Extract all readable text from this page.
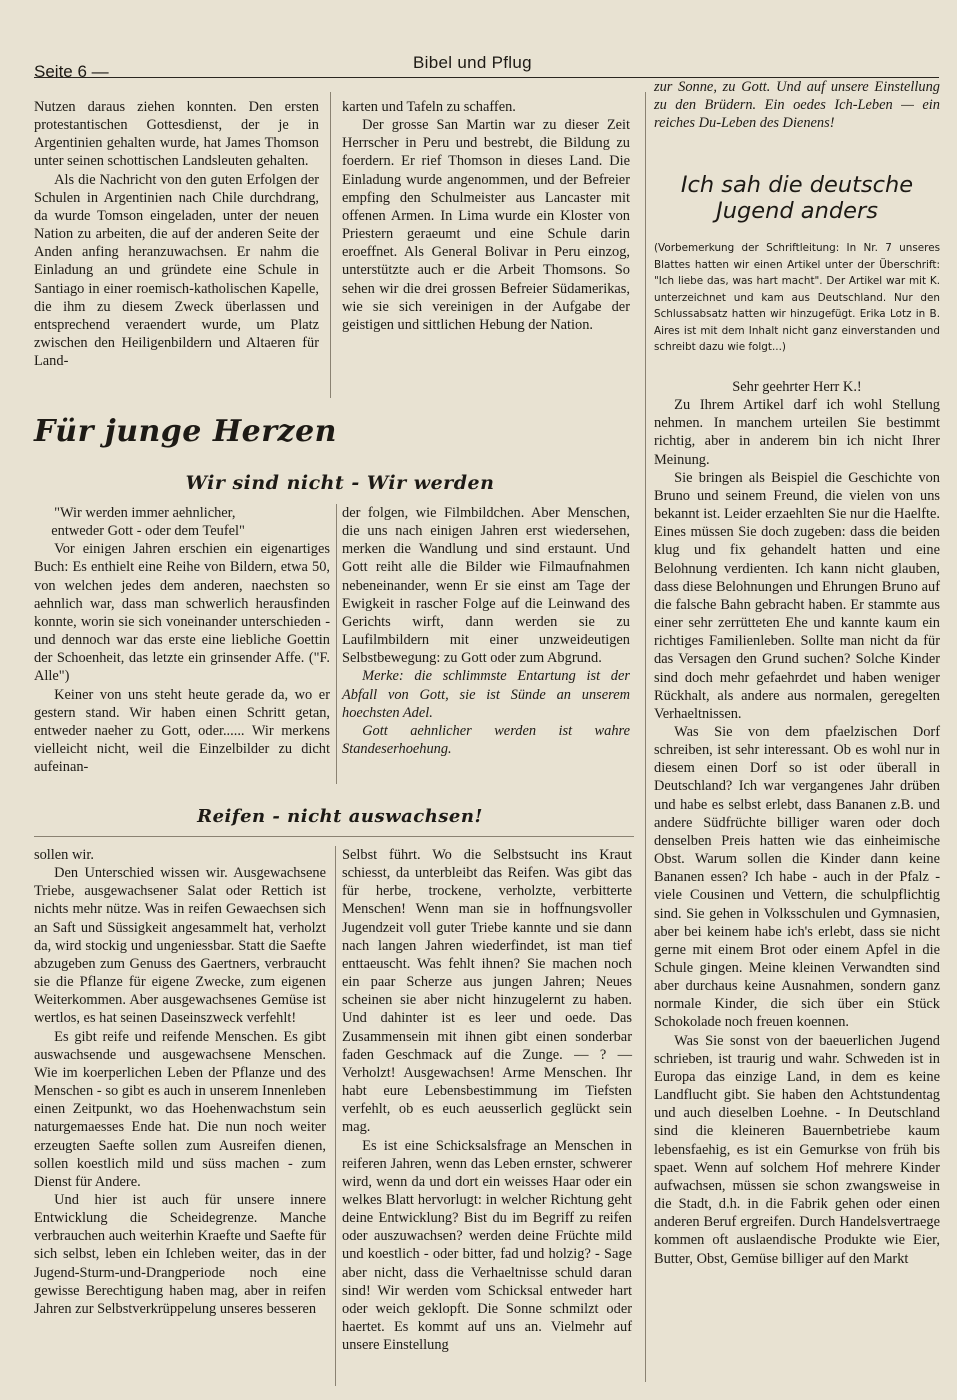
Seite 6 —	Bibel und Pflug

Nutzen daraus ziehen konnten. Den ersten protestantischen Gottesdienst, der je in Argentinien gehalten wurde, hat James Thomson unter seinen schottischen Landsleuten gehalten.

Als die Nachricht von den guten Erfolgen der Schulen in Argentinien nach Chile durchdrang, da wurde Tomson eingeladen, unter der neuen Nation zu arbeiten, die auf der anderen Seite der Anden anfing heranzuwachsen. Er nahm die Einladung an und gründete eine Schule in Santiago in einer roemisch-katholischen Kapelle, die ihm zu diesem Zweck überlassen und entsprechend veraendert wurde, um Platz zwischen den Heiligenbildern und Altaeren für Land-

karten und Tafeln zu schaffen.

Der grosse San Martin war zu dieser Zeit Herrscher in Peru und bestrebt, die Bildung zu foerdern. Er rief Thomson in dieses Land. Die Einladung wurde angenommen, und der Befreier empfing den Schulmeister aus Lancaster mit offenen Armen. In Lima wurde ein Kloster von Priestern geraeumt und eine Schule darin eroeffnet. Als General Bolivar in Peru einzog, unterstützte auch er die Arbeit Thomsons. So sehen wir die drei grossen Befreier Südamerikas, wie sie sich vereinigen in der Aufgabe der geistigen und sittlichen Hebung der Nation.

Für junge Herzen
Wir sind nicht - Wir werden

"Wir werden immer aehnlicher,

entweder Gott - oder dem Teufel"

Vor einigen Jahren erschien ein eigenartiges Buch: Es enthielt eine Reihe von Bildern, etwa 50, von welchen jedes dem anderen, naechsten so aehnlich war, dass man schwerlich herausfinden konnte, worin sie sich voneinander unterschieden - und dennoch war das erste eine liebliche Goettin der Schoenheit, das letzte ein grinsender Affe. ("F. Alle")

Keiner von uns steht heute gerade da, wo er gestern stand. Wir haben einen Schritt getan, entweder naeher zu Gott, oder...... Wir merkens vielleicht nicht, weil die Einzelbilder zu dicht aufeinan-

der folgen, wie Filmbildchen. Aber Menschen, die uns nach einigen Jahren erst wiedersehen, merken die Wandlung und sind erstaunt. Und Gott reiht alle die Bilder wie Filmaufnahmen nebeneinander, wenn Er sie einst am Tage der Ewigkeit in rascher Folge auf die Leinwand des Gerichts wirft, dann werden sie zu Laufilmbildern mit einer unzweideutigen Selbstbewegung: zu Gott oder zum Abgrund.

Merke: die schlimmste Entartung ist der Abfall von Gott, sie ist Sünde an unserem hoechsten Adel.

Gott aehnlicher werden ist wahre Standeserhoehung.

Reifen - nicht auswachsen!

sollen wir.

Den Unterschied wissen wir. Ausgewachsene Triebe, ausgewachsener Salat oder Rettich ist nichts mehr nütze. Was in reifen Gewaechsen sich an Saft und Süssigkeit angesammelt hat, verholzt da, wird stockig und ungeniessbar. Statt die Saefte abzugeben zum Genuss des Gaertners, verbraucht sie die Pflanze für eigene Zwecke, zum eigenen Weiterkommen. Aber ausgewachsenes Gemüse ist wertlos, es hat seinen Daseinszweck verfehlt!

Es gibt reife und reifende Menschen. Es gibt auswachsende und ausgewachsene Menschen. Wie im koerperlichen Leben der Pflanze und des Menschen - so gibt es auch in unserem Innenleben einen Zeitpunkt, wo das Hoehenwachstum sein naturgemaesses Ende hat. Die nun noch weiter erzeugten Saefte sollen zum Ausreifen dienen, sollen koestlich mild und süss machen - zum Dienst für Andere.

Und hier ist auch für unsere innere Entwicklung die Scheidegrenze. Manche verbrauchen auch weiterhin Kraefte und Saefte für sich selbst, leben ein Ichleben weiter, das in der Jugend-Sturm-und-Drangperiode noch eine gewisse Berechtigung haben mag, aber in reifen Jahren zur Selbstverkrüppelung unseres besseren

Selbst führt. Wo die Selbstsucht ins Kraut schiesst, da unterbleibt das Reifen. Was gibt das für herbe, trockene, verholzte, verbitterte Menschen! Wenn man sie in hoffnungsvoller Jugendzeit voll guter Triebe kannte und sie dann nach langen Jahren wiederfindet, ist man tief enttaeuscht. Was fehlt ihnen? Sie machen noch ein paar Scherze aus jungen Jahren; Neues scheinen sie aber nicht hinzugelernt zu haben. Und dahinter ist es leer und oede. Das Zusammensein mit ihnen gibt einen sonderbar faden Geschmack auf die Zunge. — ? — Verholzt! Ausgewachsen! Arme Menschen. Ihr habt eure Lebensbestimmung im Tiefsten verfehlt, ob es euch aeusserlich geglückt sein mag.

Es ist eine Schicksalsfrage an Menschen in reiferen Jahren, wenn das Leben ernster, schwerer wird, wenn da und dort ein weisses Haar oder ein welkes Blatt hervorlugt: in welcher Richtung geht deine Entwicklung? Bist du im Begriff zu reifen oder auszuwachsen? werden deine Früchte mild und koestlich - oder bitter, fad und holzig? - Sage aber nicht, dass die Verhaeltnisse schuld daran sind! Wir werden vom Schicksal entweder hart oder weich geklopft. Die Sonne schmilzt oder haertet. Es kommt auf uns an. Vielmehr auf unsere Einstellung

zur Sonne, zu Gott. Und auf unsere Einstellung zu den Brüdern. Ein oedes Ich-Leben — ein reiches Du-Leben des Dienens!

Ich sah die deutsche
Jugend anders

(Vorbemerkung der Schriftleitung: In Nr. 7 unseres Blattes hatten wir einen Artikel unter der Überschrift: "Ich liebe das, was hart macht". Der Artikel war mit K. unterzeichnet und kam aus Deutschland. Nur den Schlussabsatz hatten wir hinzugefügt. Erika Lotz in B. Aires ist mit dem Inhalt nicht ganz einverstanden und schreibt dazu wie folgt...)

Sehr geehrter Herr K.!

Zu Ihrem Artikel darf ich wohl Stellung nehmen. In manchem urteilen Sie bestimmt richtig, aber in anderem bin ich nicht Ihrer Meinung.

Sie bringen als Beispiel die Geschichte von Bruno und seinem Freund, die vielen von uns bekannt ist. Leider erzaehlten Sie nur die Haelfte. Eines müssen Sie doch zugeben: dass die beiden klug und fix gehandelt hatten und eine Belohnung verdienten. Ich kann nicht glauben, dass diese Belohnungen und Ehrungen Bruno auf die falsche Bahn gebracht haben. Er stammte aus einer sehr zerrütteten Ehe und kannte kaum ein richtiges Familienleben. Sollte man nicht da für das Versagen den Grund suchen? Solche Kinder sind doch mehr gefaehrdet und haben weniger Rückhalt, als andere aus normalen, geregelten Verhaeltnissen.

Was Sie von dem pfaelzischen Dorf schreiben, ist sehr interessant. Ob es wohl nur in diesem einen Dorf so ist oder überall in Deutschland? Ich war vergangenes Jahr drüben und habe es selbst erlebt, dass Bananen z.B. und andere Südfrüchte billiger waren oder doch denselben Preis hatten wie das einheimische Obst. Warum sollen die Kinder dann keine Bananen essen? Ich habe - auch in der Pfalz - viele Cousinen und Vettern, die schulpflichtig sind. Sie gehen in Volksschulen und Gymnasien, aber bei keinem habe ich's erlebt, dass sie nicht gerne mit einem Brot oder einem Apfel in die Schule gingen. Meine kleinen Verwandten sind aber durchaus keine Ausnahmen, sondern ganz normale Kinder, die sich über ein Stück Schokolade noch freuen koennen.

Was Sie sonst von der baeuerlichen Jugend schrieben, ist traurig und wahr. Schweden ist in Europa das einzige Land, in dem es keine Landflucht gibt. Sie haben den Achtstundentag und auch dieselben Loehne. - In Deutschland sind die kleineren Bauernbetriebe kaum lebensfaehig, es ist ein Gemurkse von früh bis spaet. Wenn auf solchem Hof mehrere Kinder aufwachsen, müssen sie schon zwangsweise in die Stadt, d.h. in die Fabrik gehen oder einen anderen Beruf ergreifen. Durch Handelsvertraege kommen oft auslaendische Produkte wie Eier, Butter, Obst, Gemüse billiger auf den Markt
